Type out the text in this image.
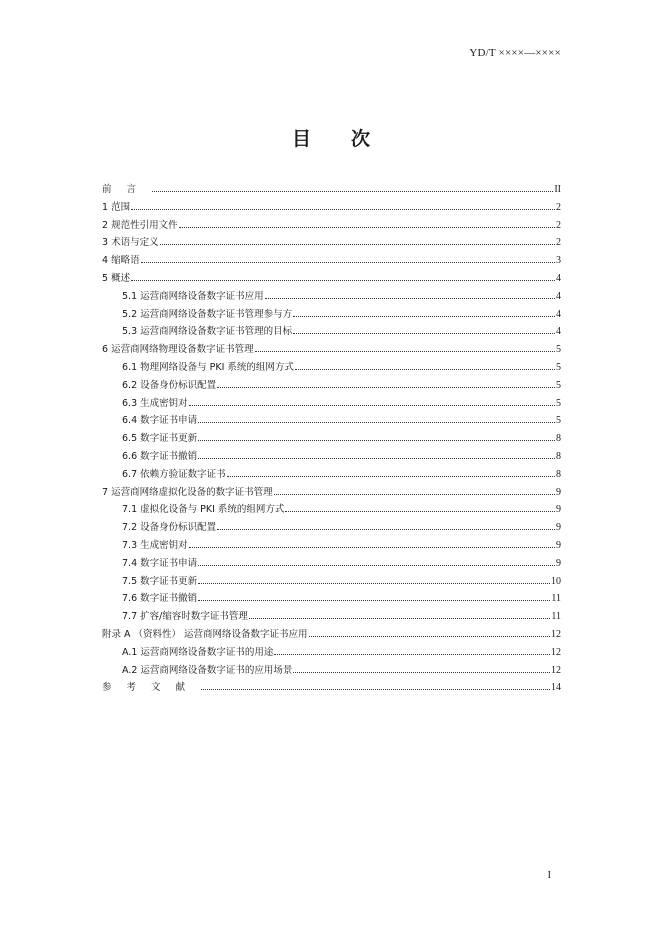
YD/T ××××—××××
目次
前言	II
1 范围	2
2 规范性引用文件	2
3 术语与定义	2
4 缩略语	3
5 概述	4
5.1 运营商网络设备数字证书应用	4
5.2 运营商网络设备数字证书管理参与方	4
5.3 运营商网络设备数字证书管理的目标	4
6 运营商网络物理设备数字证书管理	5
6.1 物理网络设备与 PKI 系统的组网方式	5
6.2 设备身份标识配置	5
6.3 生成密钥对	5
6.4 数字证书申请	5
6.5 数字证书更新	8
6.6 数字证书撤销	8
6.7 依赖方验证数字证书	8
7 运营商网络虚拟化设备的数字证书管理	9
7.1 虚拟化设备与 PKI 系统的组网方式	9
7.2 设备身份标识配置	9
7.3 生成密钥对	9
7.4 数字证书申请	9
7.5 数字证书更新	10
7.6 数字证书撤销	11
7.7 扩容/缩容时数字证书管理	11
附录 A （资料性） 运营商网络设备数字证书应用	12
A.1 运营商网络设备数字证书的用途	12
A.2 运营商网络设备数字证书的应用场景	12
参考文献	14
I
